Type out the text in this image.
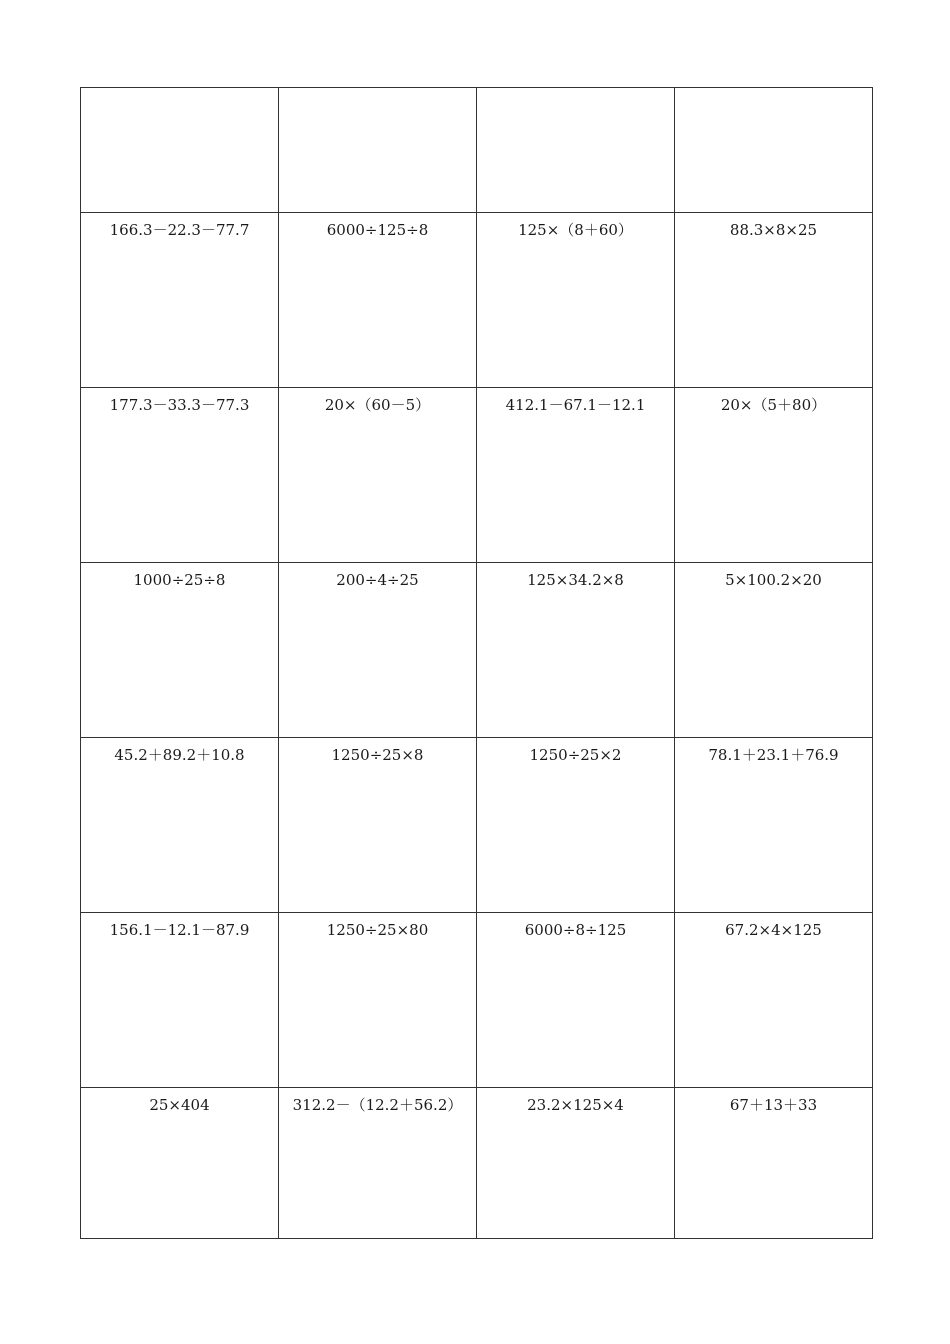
166.3－22.3－77.7	6000÷125÷8	125×（8＋60）	88.3×8×25
177.3－33.3－77.3	20×（60－5）	412.1－67.1－12.1	20×（5＋80）
1000÷25÷8	200÷4÷25	125×34.2×8	5×100.2×20
45.2＋89.2＋10.8	1250÷25×8	1250÷25×2	78.1＋23.1＋76.9
156.1－12.1－87.9	1250÷25×80	6000÷8÷125	67.2×4×125
25×404	312.2－（12.2＋56.2）	23.2×125×4	67＋13＋33
